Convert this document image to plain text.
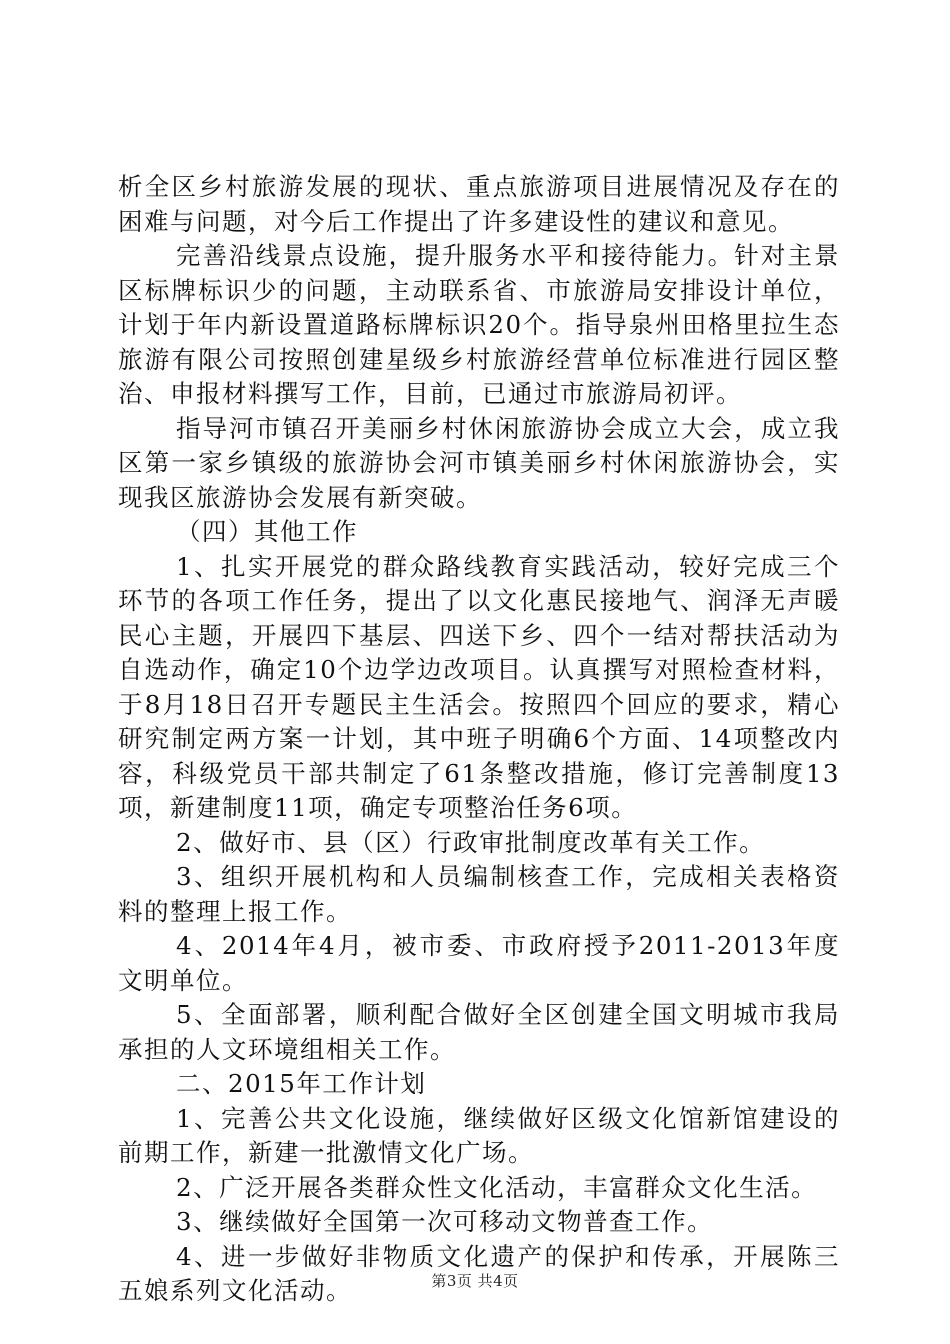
析全区乡村旅游发展的现状、重点旅游项目进展情况及存在的困难与问题，对今后工作提出了许多建设性的建议和意见。

完善沿线景点设施，提升服务水平和接待能力。针对主景区标牌标识少的问题，主动联系省、市旅游局安排设计单位，计划于年内新设置道路标牌标识20个。指导泉州田格里拉生态旅游有限公司按照创建星级乡村旅游经营单位标准进行园区整治、申报材料撰写工作，目前，已通过市旅游局初评。

指导河市镇召开美丽乡村休闲旅游协会成立大会，成立我区第一家乡镇级的旅游协会河市镇美丽乡村休闲旅游协会，实现我区旅游协会发展有新突破。

（四）其他工作

1、扎实开展党的群众路线教育实践活动，较好完成三个环节的各项工作任务，提出了以文化惠民接地气、润泽无声暖民心主题，开展四下基层、四送下乡、四个一结对帮扶活动为自选动作，确定10个边学边改项目。认真撰写对照检查材料，于8月18日召开专题民主生活会。按照四个回应的要求，精心研究制定两方案一计划，其中班子明确6个方面、14项整改内容，科级党员干部共制定了61条整改措施，修订完善制度13项，新建制度11项，确定专项整治任务6项。

2、做好市、县（区）行政审批制度改革有关工作。

3、组织开展机构和人员编制核查工作，完成相关表格资料的整理上报工作。

4、2014年4月，被市委、市政府授予2011-2013年度文明单位。

5、全面部署，顺利配合做好全区创建全国文明城市我局承担的人文环境组相关工作。

二、2015年工作计划

1、完善公共文化设施，继续做好区级文化馆新馆建设的前期工作，新建一批激情文化广场。

2、广泛开展各类群众性文化活动，丰富群众文化生活。

3、继续做好全国第一次可移动文物普查工作。

4、进一步做好非物质文化遗产的保护和传承，开展陈三五娘系列文化活动。	第3页 共4页
